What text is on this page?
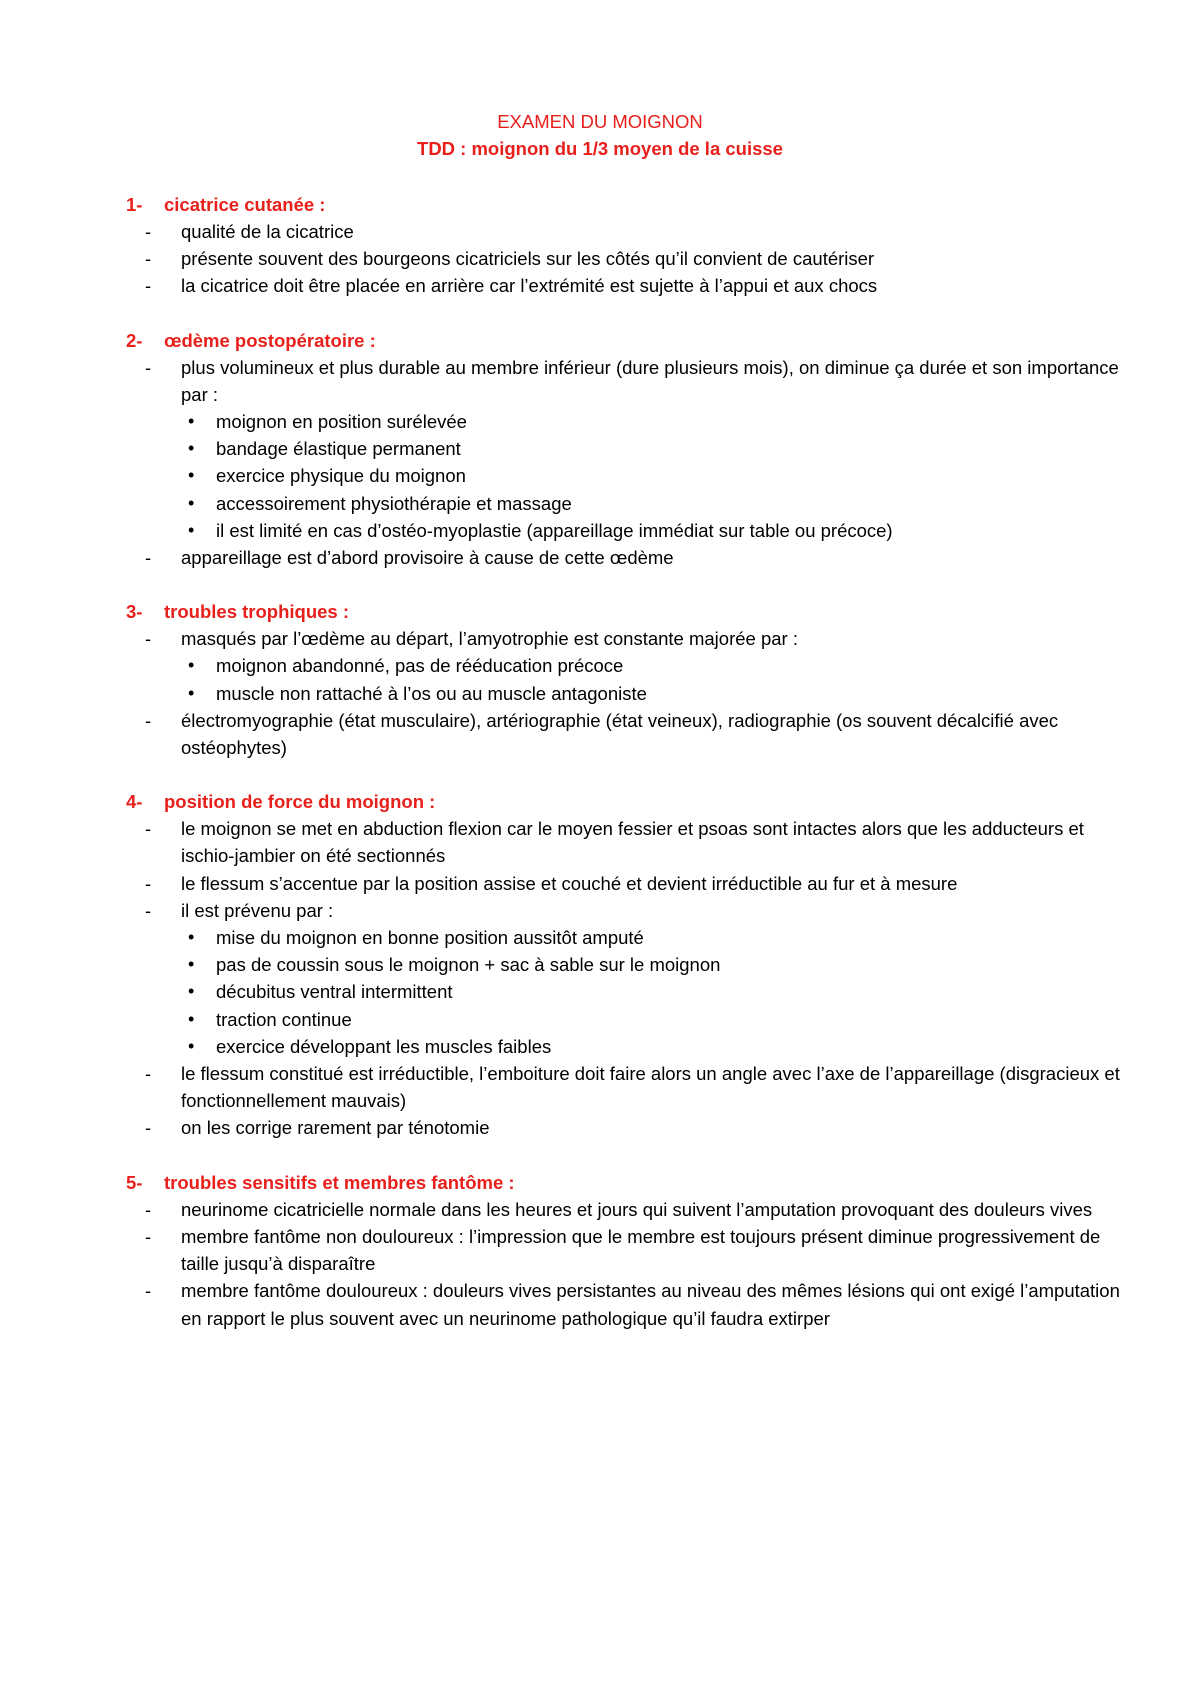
EXAMEN DU MOIGNON
TDD : moignon du 1/3 moyen de la cuisse
1- cicatrice cutanée :
- qualité de la cicatrice
- présente souvent des bourgeons cicatriciels sur les côtés qu’il convient de cautériser
- la cicatrice doit être placée en arrière car l’extrémité est sujette à l’appui et aux chocs
2- œdème postopératoire :
- plus volumineux et plus durable au membre inférieur (dure plusieurs mois), on diminue ça durée et son importance par :
• moignon en position surélevée
• bandage élastique permanent
• exercice physique du moignon
• accessoirement physiothérapie et massage
• il est limité en cas d’ostéo-myoplastie (appareillage immédiat sur table ou précoce)
- appareillage est d’abord provisoire à cause de cette œdème
3- troubles trophiques :
- masqués par l’œdème au départ, l’amyotrophie est constante majorée par :
• moignon abandonné, pas de rééducation précoce
• muscle non rattaché à l’os ou au muscle antagoniste
- électromyographie (état musculaire), artériographie (état veineux), radiographie (os souvent décalcifié avec ostéophytes)
4- position de force du moignon :
- le moignon se met en abduction flexion car le moyen fessier et psoas sont intactes alors que les adducteurs et ischio-jambier on été sectionnés
- le flessum s’accentue par la position assise et couché et devient irréductible au fur et à mesure
- il est prévenu par :
• mise du moignon en bonne position aussitôt amputé
• pas de coussin sous le moignon + sac à sable sur le moignon
• décubitus ventral intermittent
• traction continue
• exercice développant les muscles faibles
- le flessum constitué est irréductible, l’emboiture doit faire alors un angle avec l’axe de l’appareillage (disgracieux et fonctionnellement mauvais)
- on les corrige rarement par ténotomie
5- troubles sensitifs et membres fantôme :
- neurinome cicatricielle normale dans les heures et jours qui suivent l’amputation provoquant des douleurs vives
- membre fantôme non douloureux : l’impression que le membre est toujours présent diminue progressivement de taille jusqu’à disparaître
- membre fantôme douloureux : douleurs vives persistantes au niveau des mêmes lésions qui ont exigé l’amputation en rapport le plus souvent avec un neurinome pathologique qu’il faudra extirper
